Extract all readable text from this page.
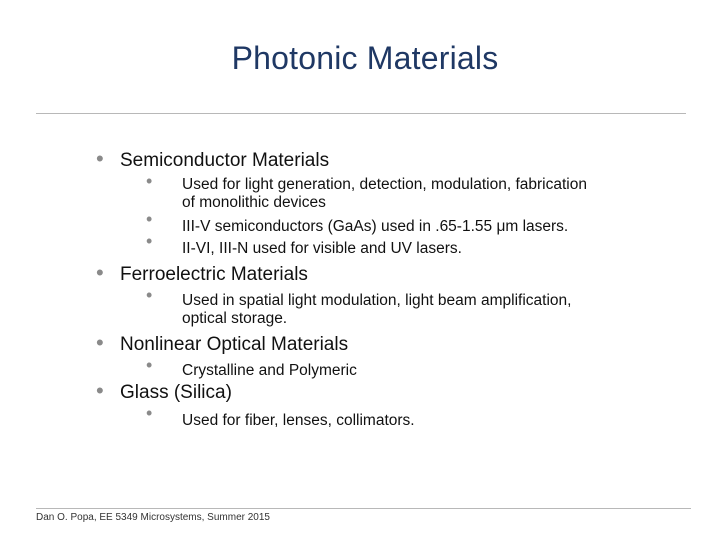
Photonic Materials
• Semiconductor Materials
• Used for light generation, detection, modulation, fabrication
of monolithic devices
• III-V semiconductors (GaAs) used in .65-1.55 μm lasers.
• II-VI, III-N used for visible and UV lasers.
• Ferroelectric Materials
• Used in spatial light modulation, light beam amplification,
optical storage.
• Nonlinear Optical Materials
• Crystalline and Polymeric
• Glass (Silica)
• Used for fiber, lenses, collimators.
Dan O. Popa, EE 5349 Microsystems, Summer 2015
